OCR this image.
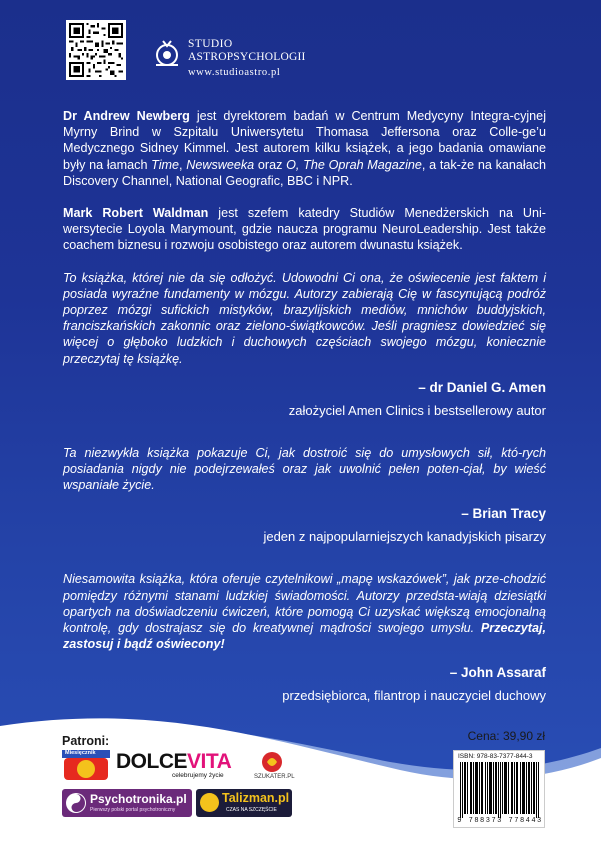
STUDIO
ASTROPSYCHOLOGII
www.studioastro.pl

Dr Andrew Newberg jest dyrektorem badań w Centrum Medycyny Integra-cyjnej Myrny Brind w Szpitalu Uniwersytetu Thomasa Jeffersona oraz Colle-ge’u Medycznego Sidney Kimmel. Jest autorem kilku książek, a jego badania omawiane były na łamach Time, Newsweeka oraz O, The Oprah Magazine, a tak-że na kanałach Discovery Channel, National Geografic, BBC i NPR.

Mark Robert Waldman jest szefem katedry Studiów Menedżerskich na Uni-wersytecie Loyola Marymount, gdzie naucza programu NeuroLeadership. Jest także coachem biznesu i rozwoju osobistego oraz autorem dwunastu książek.

To książka, której nie da się odłożyć. Udowodni Ci ona, że oświecenie jest faktem i posiada wyraźne fundamenty w mózgu. Autorzy zabierają Cię w fascynującą podróż poprzez mózgi sufickich mistyków, brazylijskich mediów, mnichów buddyjskich, franciszkańskich zakonnic oraz zielono-świątkowców. Jeśli pragniesz dowiedzieć się więcej o głęboko ludzkich i duchowych częściach swojego mózgu, koniecznie przeczytaj tę książkę.

– dr Daniel G. Amen
założyciel Amen Clinics i bestsellerowy autor

Ta niezwykła książka pokazuje Ci, jak dostroić się do umysłowych sił, któ-rych posiadania nigdy nie podejrzewałeś oraz jak uwolnić pełen poten-cjał, by wieść wspaniałe życie.

– Brian Tracy
jeden z najpopularniejszych kanadyjskich pisarzy

Niesamowita książka, która oferuje czytelnikowi „mapę wskazówek”, jak prze-chodzić pomiędzy różnymi stanami ludzkiej świadomości. Autorzy przedsta-wiają dziesiątki opartych na doświadczeniu ćwiczeń, które pomogą Ci uzyskać większą emocjonalną kontrolę, gdy dostrajasz się do kreatywnej mądrości swojego umysłu. Przeczytaj, zastosuj i bądź oświecony!

– John Assaraf
przedsiębiorca, filantrop i nauczyciel duchowy
Patroni:	Cena: 39,90 zł
Miesięcznik DOLCEVITA
celebrujemy życie	SZUKATER.PL
Psychotronika.pl
Pierwszy polski portal psychotroniczny
Talizman.pl
CZAS NA SZCZĘŚCIE
ISBN: 978-83-7377-844-3
9 788373 778443
